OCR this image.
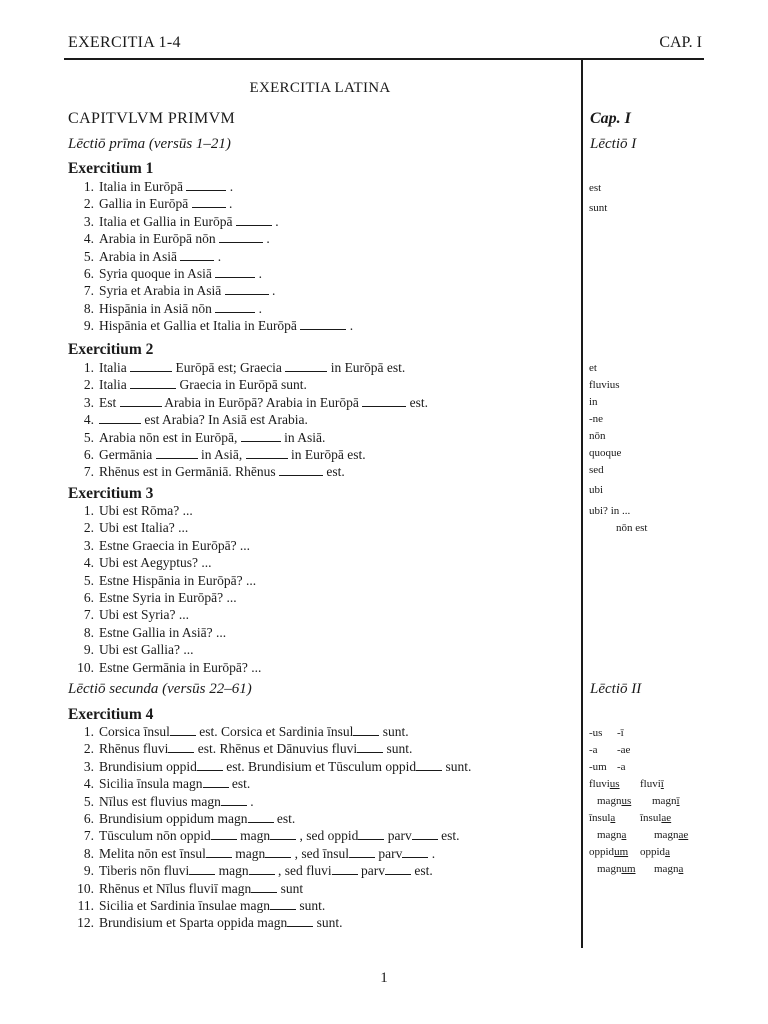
EXERCITIA 1-4	CAP. I
EXERCITIA LATINA
CAPITVLVM PRIMVM
Lēctiō prīma (versūs 1–21)
Exercitium 1
1. Italia in Eurōpā	.
2. Gallia in Eurōpā	.
3. Italia et Gallia in Eurōpā	.
4. Arabia in Eurōpā nōn	.
5. Arabia in Asiā	.
6. Syria quoque in Asiā	.
7. Syria et Arabia in Asiā	.
8. Hispānia in Asiā nōn	.
9. Hispānia et Gallia et Italia in Eurōpā	.
Exercitium 2
1. Italia	Eurōpā est; Graecia	in Eurōpā est.
2. Italia	Graecia in Eurōpā sunt.
3. Est	Arabia in Eurōpā? Arabia in Eurōpā	est.
4.	est Arabia? In Asiā est Arabia.
5. Arabia nōn est in Eurōpā,	in Asiā.
6. Germānia	in Asiā,	in Eurōpā est.
7. Rhēnus est in Germāniā. Rhēnus	est.
Exercitium 3
1. Ubi est Rōma? ...
2. Ubi est Italia? ...
3. Estne Graecia in Eurōpā? ...
4. Ubi est Aegyptus? ...
5. Estne Hispānia in Eurōpā? ...
6. Estne Syria in Eurōpā? ...
7. Ubi est Syria? ...
8. Estne Gallia in Asiā? ...
9. Ubi est Gallia? ...
10. Estne Germānia in Eurōpā? ...
Lēctiō secunda (versūs 22–61)
Exercitium 4
1. Corsica īnsul est. Corsica et Sardinia īnsul sunt.
2. Rhēnus fluvi est. Rhēnus et Dānuvius fluvi sunt.
3. Brundisium oppid est. Brundisium et Tūsculum oppid sunt.
4. Sicilia īnsula magn est.
5. Nīlus est fluvius magn .
6. Brundisium oppidum magn est.
7. Tūsculum nōn oppid magn , sed oppid parv est.
8. Melita nōn est īnsul magn , sed īnsul parv .
9. Tiberis nōn fluvi magn , sed fluvi parv est.
10. Rhēnus et Nīlus fluviī magn sunt
11. Sicilia et Sardinia īnsulae magn sunt.
12. Brundisium et Sparta oppida magn sunt.
Cap. I
Lēctiō I
Lēctiō II
est
sunt
et
fluvius
in
-ne
nōn
quoque
sed
ubi
ubi? in ...
nōn est
-us -ī
-a -ae
-um -a
fluvius fluviī
magnus magnī
īnsula īnsulae
magna	magnae
oppidum oppida
magnum magna
1
